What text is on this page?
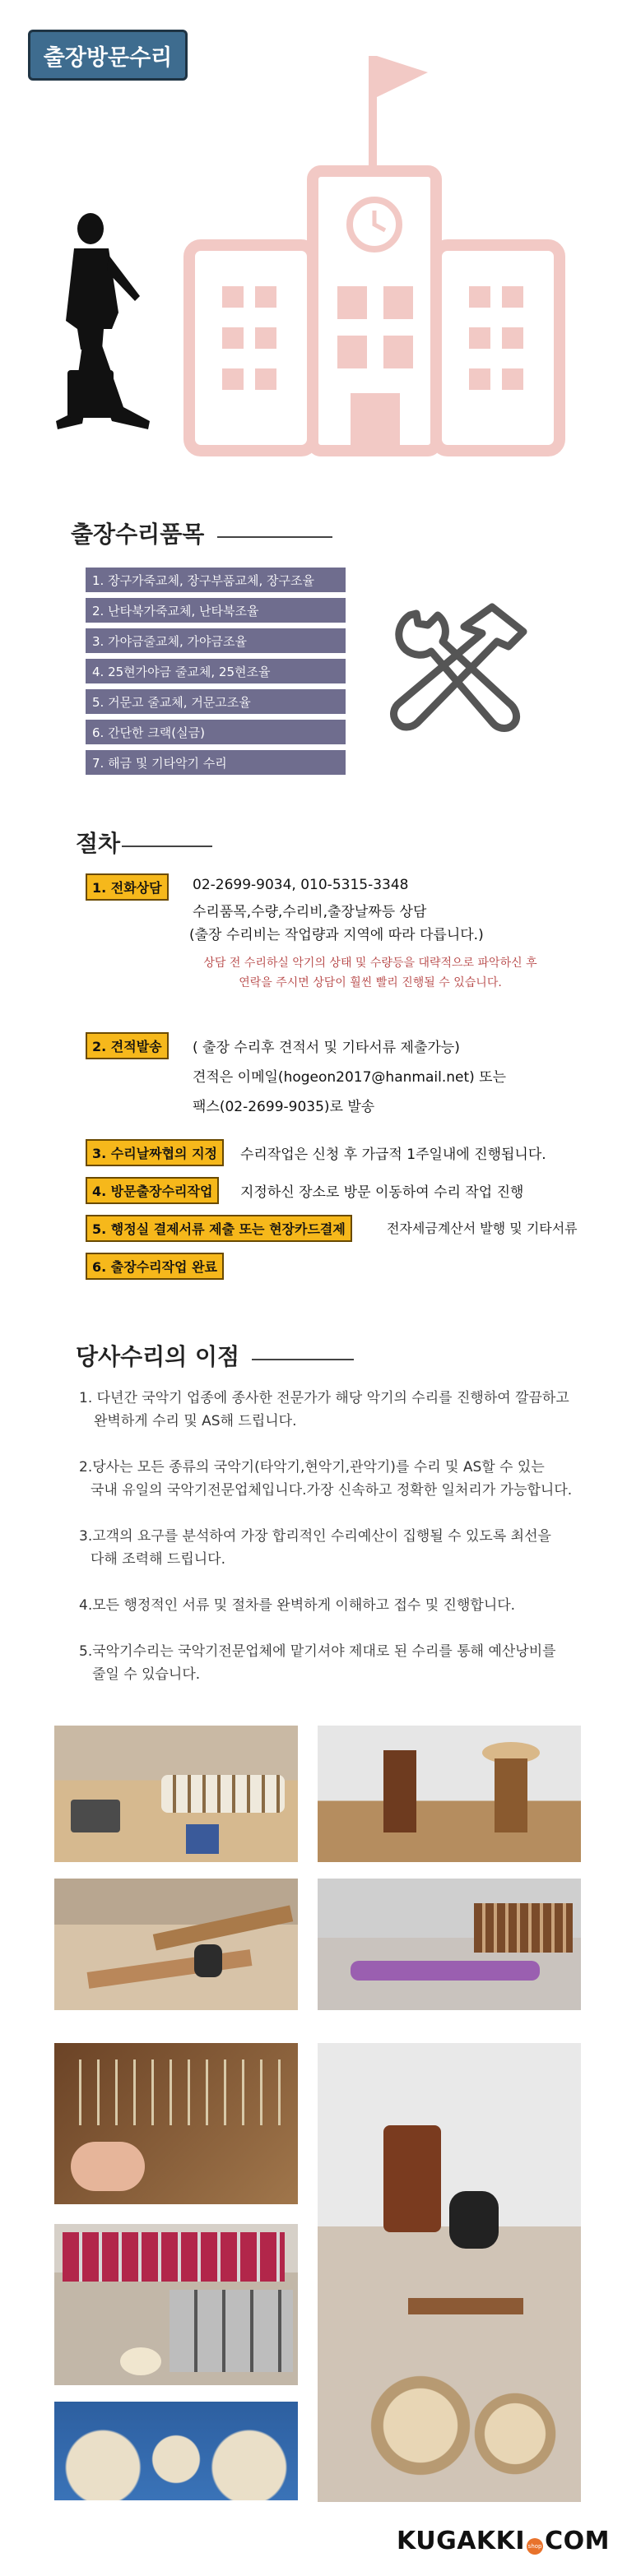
출장방문수리
출장수리품목
1. 장구가죽교체, 장구부품교체, 장구조율
2. 난타북가죽교체, 난타북조율
3. 가야금줄교체, 가야금조율
4. 25현가야금 줄교체, 25현조율
5. 거문고 줄교체, 거문고조율
6. 간단한 크랙(실금)
7. 해금 및 기타악기 수리
절차
1. 전화상담	02-2699-9034, 010-5315-3348
수리품목,수량,수리비,출장날짜등 상담
(출장 수리비는 작업량과 지역에 따라 다릅니다.)
상담 전 수리하실 악기의 상태 및 수량등을 대략적으로 파악하신 후
연락을 주시면 상담이 훨씬 빨리 진행될 수 있습니다.
2. 견적발송	( 출장 수리후 견적서 및 기타서류 제출가능)
견적은 이메일(hogeon2017@hanmail.net) 또는
팩스(02-2699-9035)로 발송
3. 수리날짜협의 지정	수리작업은 신청 후 가급적 1주일내에 진행됩니다.
4. 방문출장수리작업	지정하신 장소로 방문 이동하여 수리 작업 진행
5. 행정실 결제서류 제출 또는 현장카드결제	전자세금계산서 발행 및 기타서류
6. 출장수리작업 완료
당사수리의 이점
1. 다년간 국악기 업종에 종사한 전문가가 해당 악기의 수리를 진행하여 깔끔하고
완벽하게 수리 및 AS해 드립니다.
2.당사는 모든 종류의 국악기(타악기,현악기,관악기)를 수리 및 AS할 수 있는
국내 유일의 국악기전문업체입니다.가장 신속하고 정확한 일처리가 가능합니다.
3.고객의 요구를 분석하여 가장 합리적인 수리예산이 집행될 수 있도록 최선을
다해 조력해 드립니다.
4.모든 행정적인 서류 및 절차를 완벽하게 이해하고 접수 및 진행합니다.
5.국악기수리는 국악기전문업체에 맡기셔야 제대로 된 수리를 통해 예산낭비를
줄일 수 있습니다.
KUGAKKI shop COM
